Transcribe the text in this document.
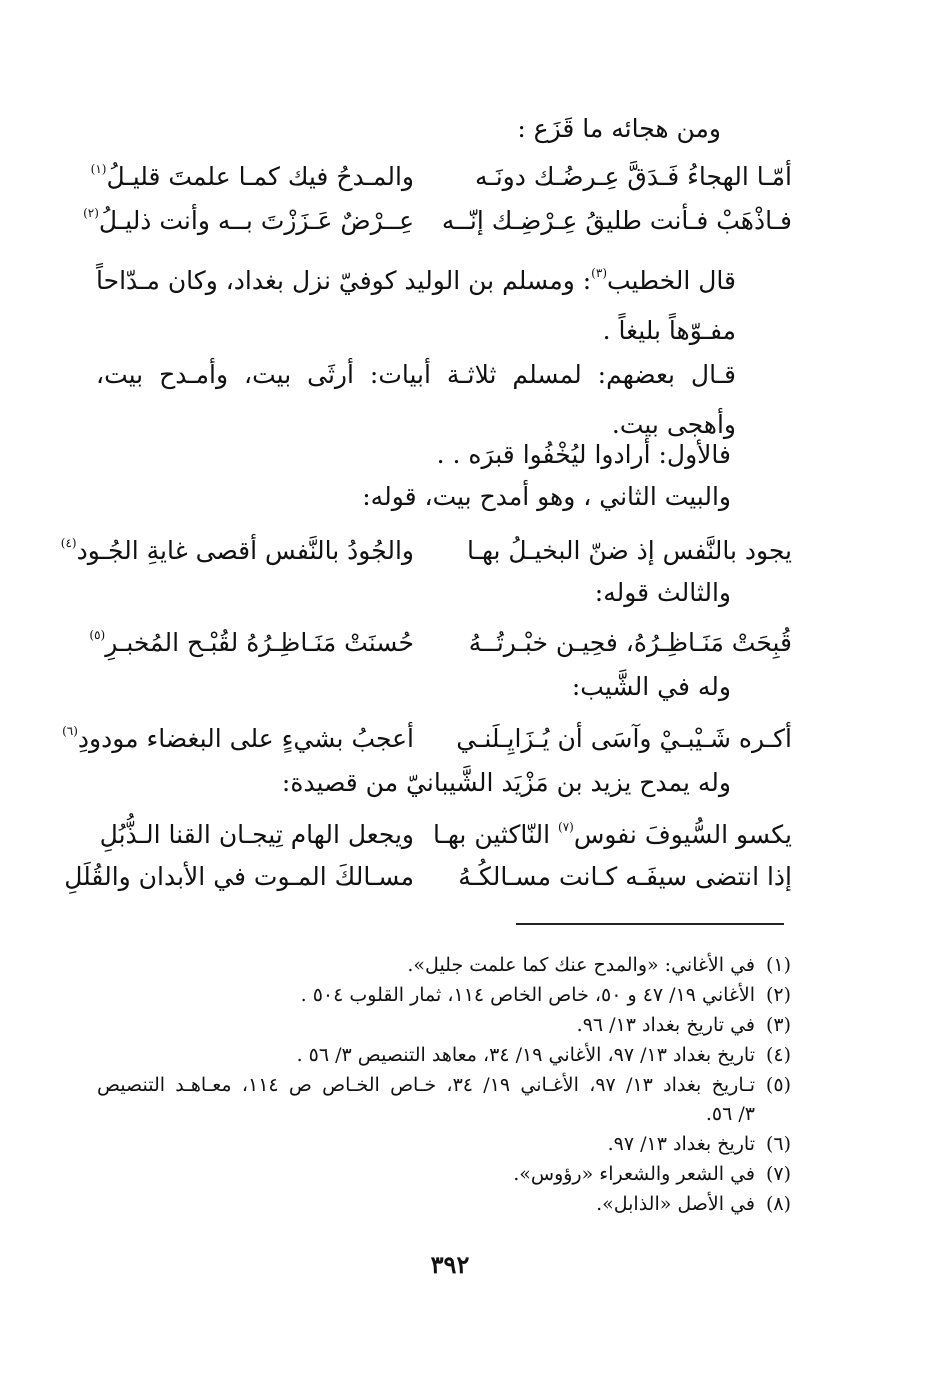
ومن هجائه ما قَزَع :
أمّـا الهجاءُ فَـدَقَّ عِـرضُـك دونَـه
والمـدحُ فيك كمـا علمتَ قليـلُ$^{(١)}$
فـاذْهَبْ فـأنت طليقُ عِـرْضِـك إنّــه
عِــرْضٌ عَـزَزْتَ بــه وأنت ذليـلُ$^{(٢)}$
قال الخطيب$^{(٣)}$: ومسلم بن الوليد كوفيّ نزل بغداد، وكان مـدّاحاً مفـوّهاً بليغاً .
قـال بعضهم: لمسلم ثلاثـة أبيات: أرثَى بيت، وأمـدح بيت، وأهجى بيت.
فالأول: أرادوا ليُخْفُوا قبرَه . .
والبيت الثاني ، وهو أمدح بيت، قوله:
يجود بالنَّفس إذ ضنّ البخيـلُ بهـا
والجُودُ بالنَّفس أقصى غايةِ الجُـود$^{(٤)}$
والثالث قوله:
قُبِحَتْ مَنَـاظِـرُهُ، فحِيـن خبْـرتُــهُ
حُسنَتْ مَنَـاظِـرُهُ لقُبْـح المُخبـرِ$^{(٥)}$
وله في الشَّيب:
أكـره شَـيْبـيْ وآسَى أن يُـزَايِـلَنـي
أعجبُ بشيءٍ على البغضاء مودودِ$^{(٦)}$
وله يمدح يزيد بن مَزْيَد الشَّيبانيّ من قصيدة:
يكسو السُّيوفَ نفوس$^{(٧)}$ النّاكثين بهـا
ويجعل الهام تِيجـان القنا الـذُّبُلِ
إذا انتضى سيفَـه كـانت مسـالكُـهُ
مسـالكَ المـوت في الأبدان والقُلَلِ
(١)في الأغاني: «والمدح عنك كما علمت جليل».
(٢)الأغاني ١٩/ ٤٧ و ٥٠، خاص الخاص ١١٤، ثمار القلوب ٥٠٤ .
(٣)في تاريخ بغداد ١٣/ ٩٦.
(٤)تاريخ بغداد ١٣/ ٩٧، الأغاني ١٩/ ٣٤، معاهد التنصيص ٣/ ٥٦ .
(٥)تـاريخ بغداد ١٣/ ٩٧، الأغـاني ١٩/ ٣٤، خـاص الخـاص ص ١١٤، معـاهـد التنصيص
٣/ ٥٦.
(٦)تاريخ بغداد ١٣/ ٩٧.
(٧)في الشعر والشعراء «رؤوس».
(٨)في الأصل «الذابل».
٣٩٢
